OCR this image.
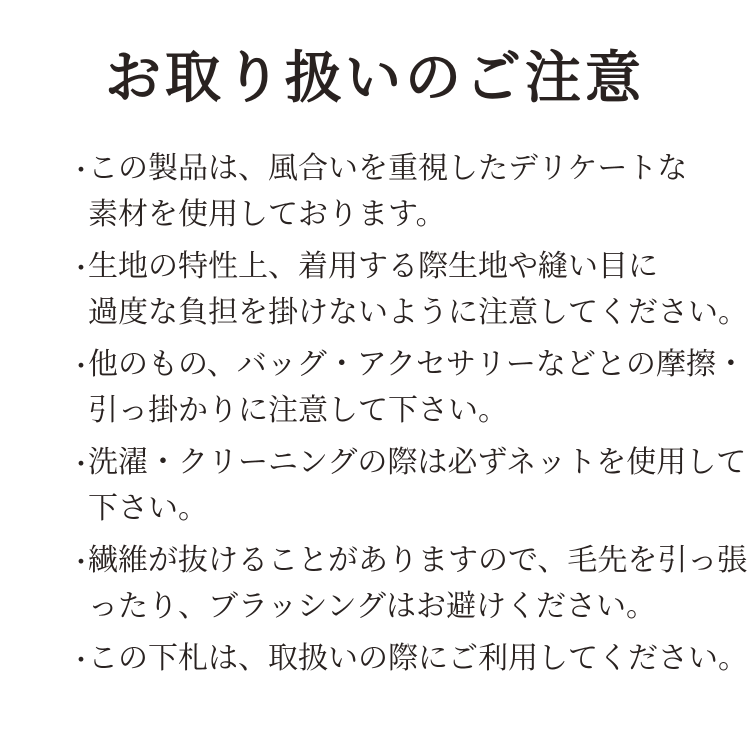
お取り扱いのご注意
・
この製品は、風合いを重視したデリケートな
素材を使用しております。
・
生地の特性上、着用する際生地や縫い目に
過度な負担を掛けないように注意してください。
・
他のもの、バッグ・アクセサリーなどとの摩擦・
引っ掛かりに注意して下さい。
・
洗濯・クリーニングの際は必ずネットを使用して
下さい。
・
繊維が抜けることがありますので、毛先を引っ張
ったり、ブラッシングはお避けください。
・
この下札は、取扱いの際にご利用してください。
